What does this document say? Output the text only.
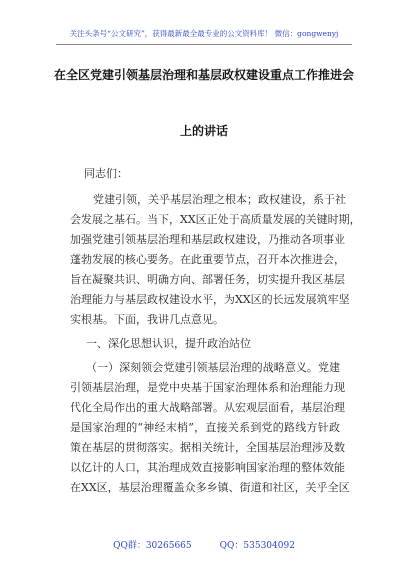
关注头条号“公文研究”，获得最新最全最专业的公文资料库！ 微信：gongwenyj
在全区党建引领基层治理和基层政权建设重点工作推进会
上的讲话
同志们：
党建引领，关乎基层治理之根本；政权建设，系于社
会发展之基石。当下，XX区正处于高质量发展的关键时期，
加强党建引领基层治理和基层政权建设，乃推动各项事业
蓬勃发展的核心要务。在此重要节点，召开本次推进会，
旨在凝聚共识、明确方向、部署任务，切实提升我区基层
治理能力与基层政权建设水平，为XX区的长远发展筑牢坚
实根基。下面，我讲几点意见。
一、深化思想认识，提升政治站位
（一）深刻领会党建引领基层治理的战略意义。党建
引领基层治理，是党中央基于国家治理体系和治理能力现
代化全局作出的重大战略部署。从宏观层面看，基层治理
是国家治理的“神经末梢”，直接关系到党的路线方针政
策在基层的贯彻落实。据相关统计，全国基层治理涉及数
以亿计的人口，其治理成效直接影响国家治理的整体效能
在XX区，基层治理覆盖众多乡镇、街道和社区，关乎全区
QQ群：30265665	QQ：535304092
